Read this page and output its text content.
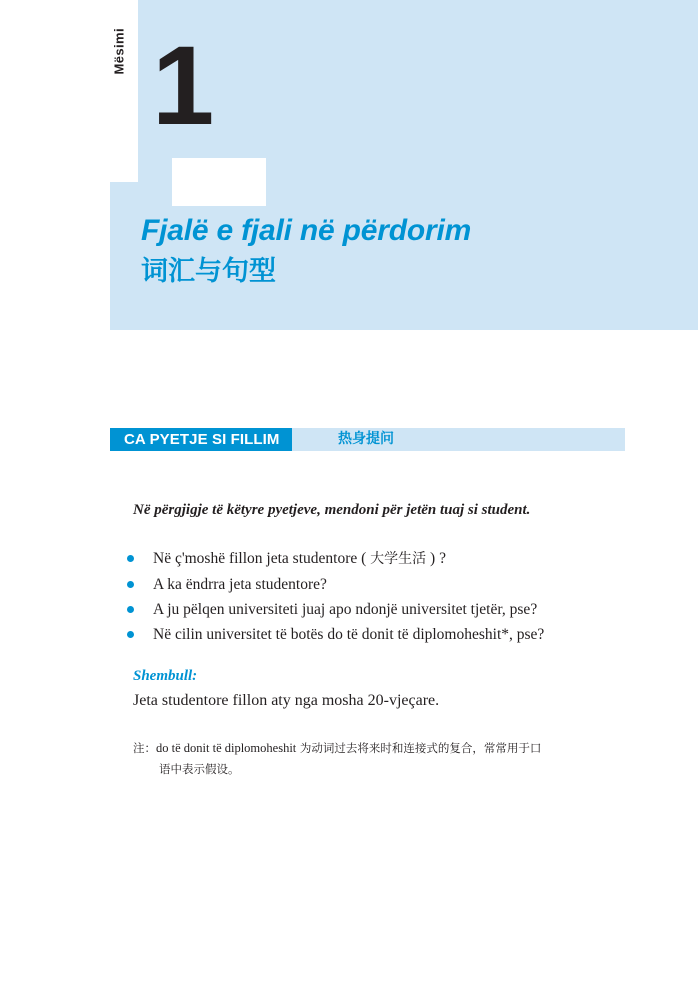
Mësimi 1
Fjalë e fjali në përdorim
词汇与句型
CA PYETJE SI FILLIM	热身提问
Në përgjigje të këtyre pyetjeve, mendoni për jetën tuaj si student.
Në ç'moshë fillon jeta studentore ( 大学生活 ) ?
A ka ëndrra jeta studentore?
A ju pëlqen universiteti juaj apo ndonjë universitet tjetër, pse?
Në cilin universitet të botës do të donit të diplomoheshit*, pse?
Shembull:
Jeta studentore fillon aty nga mosha 20-vjeçare.
注：do të donit të diplomoheshit 为动词过去将来时和连接式的复合，常常用于口
语中表示假设。
